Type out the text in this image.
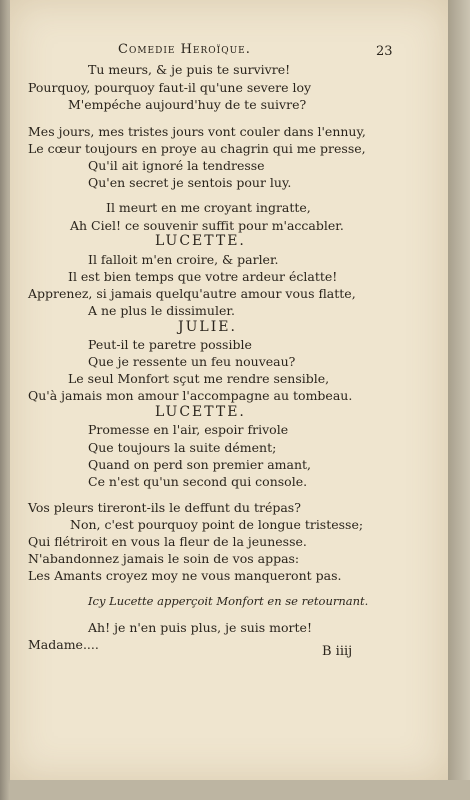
Comedie Heroïque.	23
Tu meurs, & je puis te survivre!
Pourquoy, pourquoy faut-il qu'une severe loy
M'empéche aujourd'huy de te suivre?
Mes jours, mes tristes jours vont couler dans l'ennuy,
Le cœur toujours en proye au chagrin qui me presse,
Qu'il ait ignoré la tendresse
Qu'en secret je sentois pour luy.
Il meurt en me croyant ingratte,
Ah Ciel! ce souvenir suffit pour m'accabler.
LUCETTE.
Il falloit m'en croire, & parler.
Il est bien temps que votre ardeur éclatte!
Apprenez, si jamais quelqu'autre amour vous flatte,
A ne plus le dissimuler.
JULIE.
Peut-il te paretre possible
Que je ressente un feu nouveau?
Le seul Monfort sçut me rendre sensible,
Qu'à jamais mon amour l'accompagne au tombeau.
LUCETTE.
Promesse en l'air, espoir frivole
Que toujours la suite dément;
Quand on perd son premier amant,
Ce n'est qu'un second qui console.
Vos pleurs tireront-ils le deffunt du trépas?
Non, c'est pourquoy point de longue tristesse;
Qui flétriroit en vous la fleur de la jeunesse.
N'abandonnez jamais le soin de vos appas:
Les Amants croyez moy ne vous manqueront pas.
Icy Lucette apperçoit Monfort en se retournant.
Ah! je n'en puis plus, je suis morte!
Madame....	B iiij
